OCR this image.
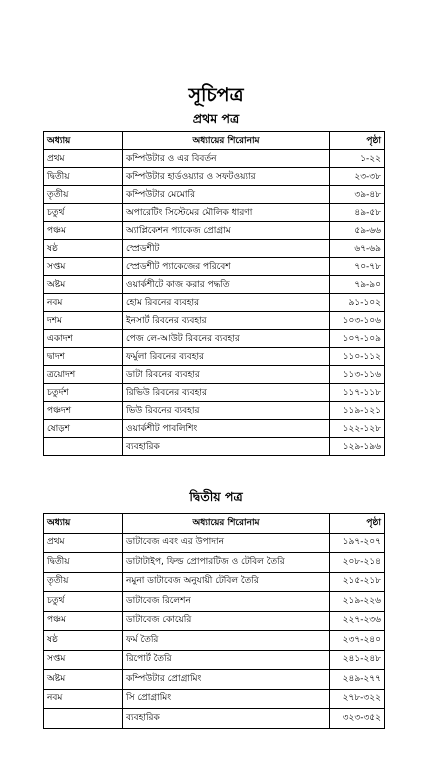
সূচিপত্র
প্রথম পত্র
অধ্যায়	অধ্যায়ের শিরোনাম	পৃষ্ঠা
প্রথম	কম্পিউটার ও এর বিবর্তন	১-২২
দ্বিতীয়	কম্পিউটার হার্ডওয়্যার ও সফটওয়্যার	২৩-৩৮
তৃতীয়	কম্পিউটার মেমোরি	৩৯-৪৮
চতুর্থ	অপারেটিং সিস্টেমের মৌলিক ধারণা	৪৯-৫৮
পঞ্চম	অ্যাপ্লিকেশন প্যাকেজ প্রোগ্রাম	৫৯-৬৬
ষষ্ঠ	স্প্রেডশীট	৬৭-৬৯
সপ্তম	স্প্রেডশীট প্যাকেজের পরিবেশ	৭০-৭৮
অষ্টম	ওয়ার্কশীটে কাজ করার পদ্ধতি	৭৯-৯০
নবম	হোম রিবনের ব্যবহার	৯১-১০২
দশম	ইনসার্ট রিবনের ব্যবহার	১০৩-১০৬
একাদশ	পেজ লে-আউট রিবনের ব্যবহার	১০৭-১০৯
দ্বাদশ	ফর্মুলা রিবনের ব্যবহার	১১০-১১২
ত্রয়োদশ	ডাটা রিবনের ব্যবহার	১১৩-১১৬
চতুর্দশ	রিভিউ রিবনের ব্যবহার	১১৭-১১৮
পঞ্চদশ	ভিউ রিবনের ব্যবহার	১১৯-১২১
ষোড়শ	ওয়ার্কশীট পাবলিশিং	১২২-১২৮
	ব্যবহারিক	১২৯-১৯৬
দ্বিতীয় পত্র
অধ্যায়	অধ্যায়ের শিরোনাম	পৃষ্ঠা
প্রথম	ডাটাবেজ এবং এর উপাদান	১৯৭-২০৭
দ্বিতীয়	ডাটাটাইপ, ফিল্ড প্রোপারটিজ ও টেবিল তৈরি	২০৮-২১৪
তৃতীয়	নমুনা ডাটাবেজ অনুযায়ী টেবিল তৈরি	২১৫-২১৮
চতুর্থ	ডাটাবেজ রিলেশন	২১৯-২২৬
পঞ্চম	ডাটাবেজ কোয়েরি	২২৭-২৩৬
ষষ্ঠ	ফর্ম তৈরি	২৩৭-২৪০
সপ্তম	রিপোর্ট তৈরি	২৪১-২৪৮
অষ্টম	কম্পিউটার প্রোগ্রামিং	২৪৯-২৭৭
নবম	সি প্রোগ্রামিং	২৭৮-৩২২
	ব্যবহারিক	৩২৩-৩৫২
